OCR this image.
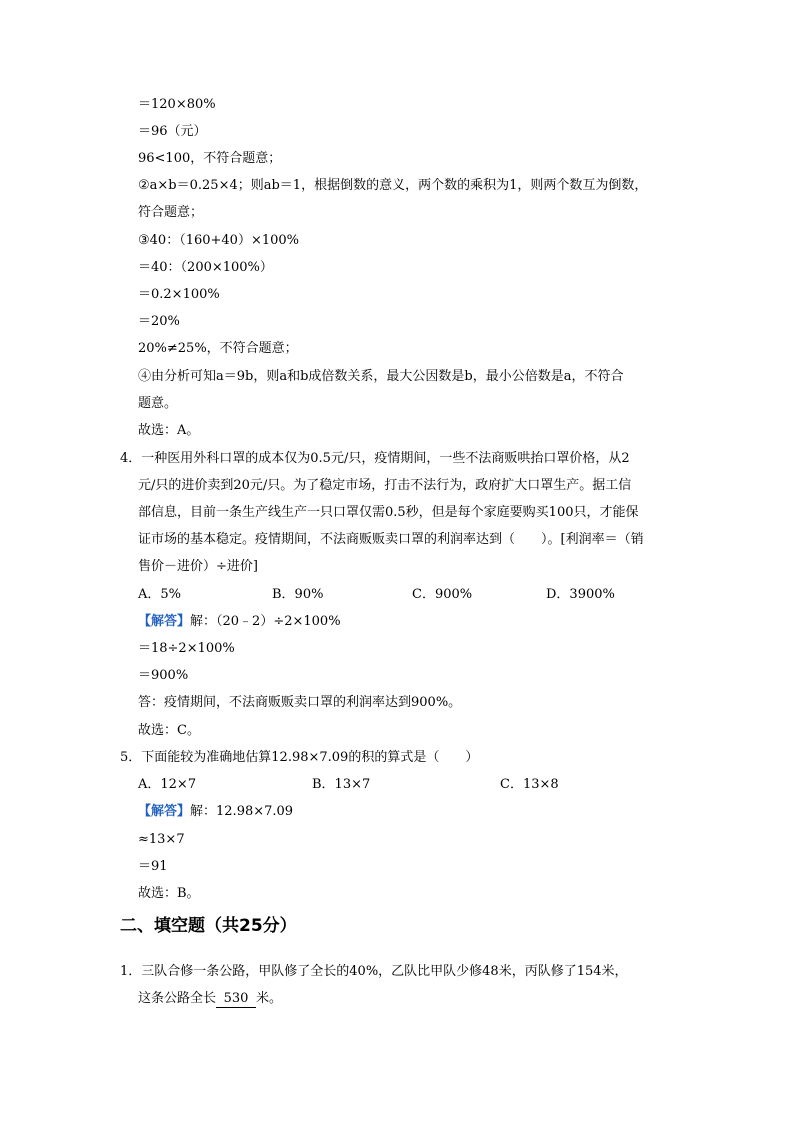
＝120×80%
＝96（元）
96<100，不符合题意；
②a×b＝0.25×4；则ab＝1，根据倒数的意义，两个数的乘积为1，则两个数互为倒数，
符合题意；
③40：（160+40）×100%
＝40：（200×100%）
＝0.2×100%
＝20%
20%≠25%，不符合题意；
④由分析可知a＝9b，则a和b成倍数关系，最大公因数是b，最小公倍数是a，不符合
题意。
故选：A。
4．一种医用外科口罩的成本仅为0.5元/只，疫情期间，一些不法商贩哄抬口罩价格，从2
元/只的进价卖到20元/只。为了稳定市场，打击不法行为，政府扩大口罩生产。据工信
部信息，目前一条生产线生产一只口罩仅需0.5秒，但是每个家庭要购买100只，才能保
证市场的基本稳定。疫情期间，不法商贩贩卖口罩的利润率达到（　　）。[利润率＝（销
售价－进价）÷进价]
A．5%	B．90%	C．900%	D．3900%
【解答】解：（20﹣2）÷2×100%
＝18÷2×100%
＝900%
答：疫情期间，不法商贩贩卖口罩的利润率达到900%。
故选：C。
5．下面能较为准确地估算12.98×7.09的积的算式是（　　）
A．12×7	B．13×7	C．13×8
【解答】解：12.98×7.09
≈13×7
＝91
故选：B。
二、填空题（共25分）
1．三队合修一条公路，甲队修了全长的40%，乙队比甲队少修48米，丙队修了154米，
这条公路全长 530 米。
